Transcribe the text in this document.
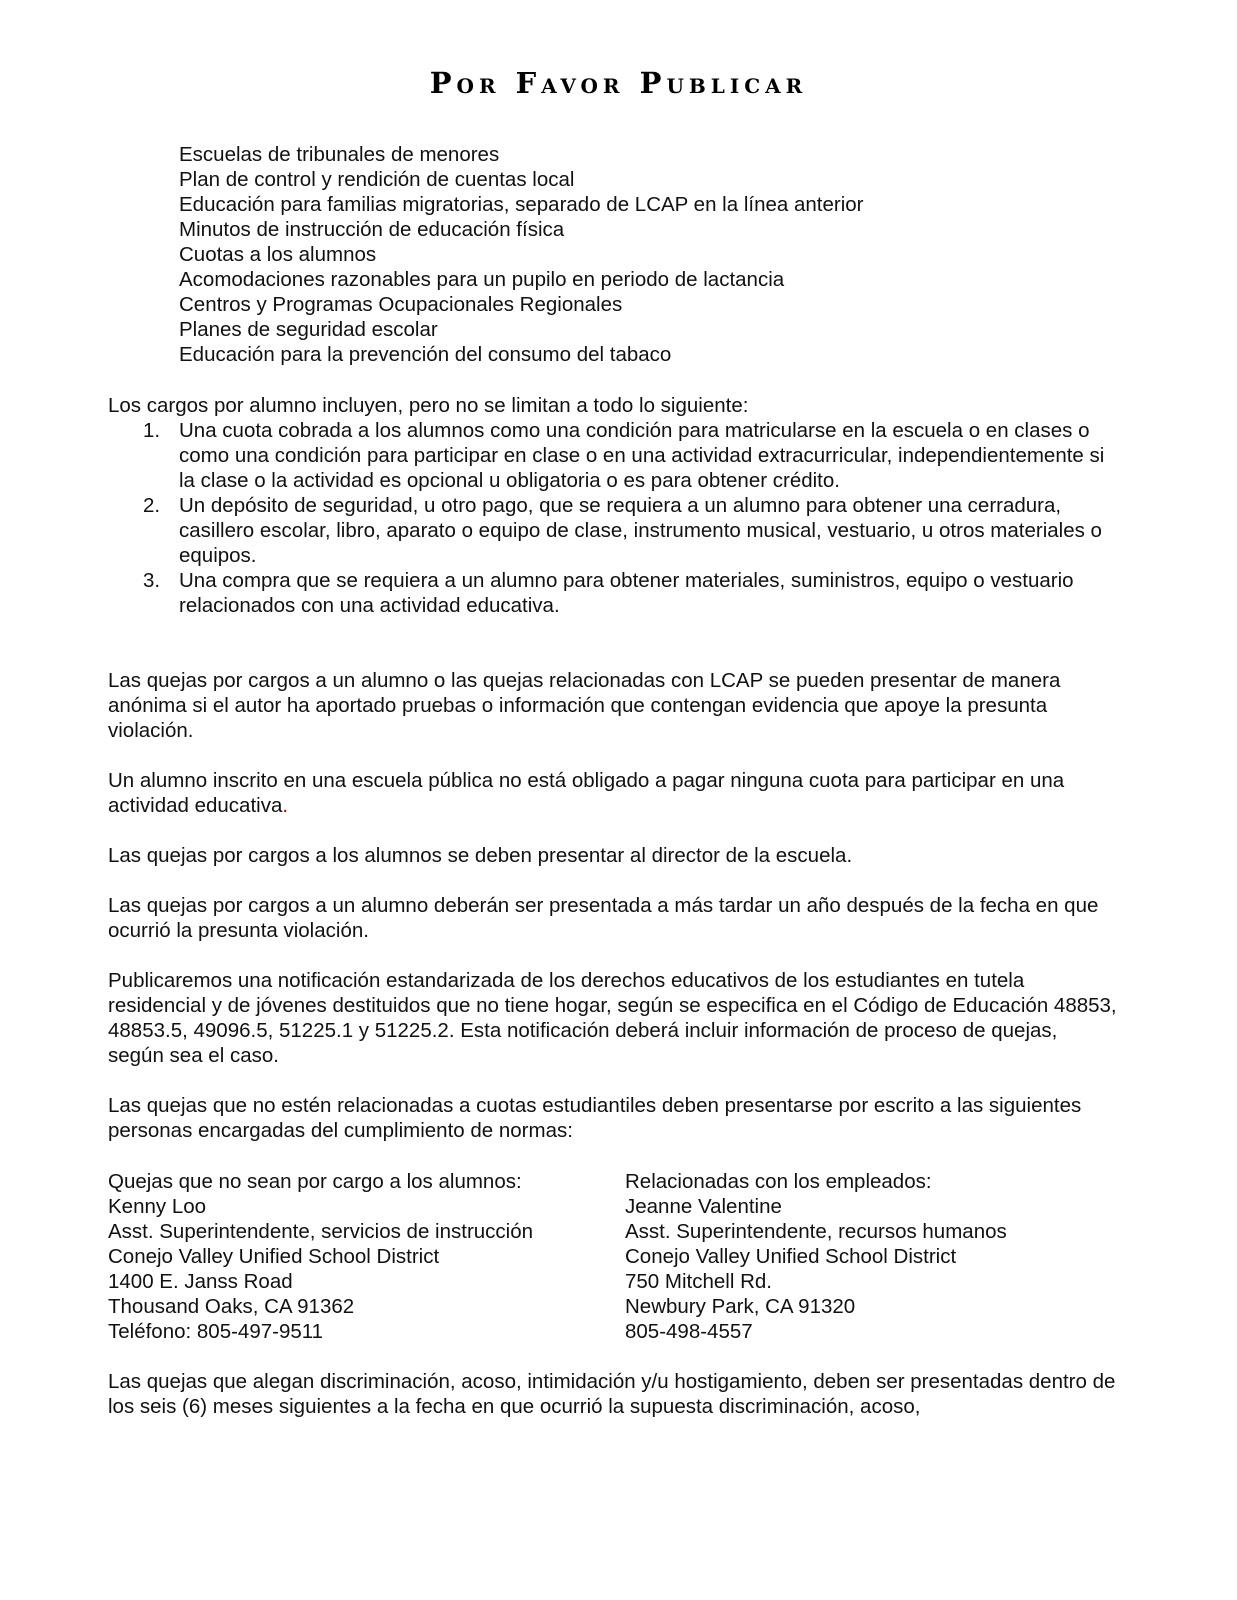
Por Favor Publicar
Escuelas de tribunales de menores
Plan de control y rendición de cuentas local
Educación para familias migratorias, separado de LCAP en la línea anterior
Minutos de instrucción de educación física
Cuotas a los alumnos
Acomodaciones razonables para un pupilo en periodo de lactancia
Centros y Programas Ocupacionales Regionales
Planes de seguridad escolar
Educación para la prevención del consumo del tabaco

Los cargos por alumno incluyen, pero no se limitan a todo lo siguiente:

1. Una cuota cobrada a los alumnos como una condición para matricularse en la escuela o en clases o como una condición para participar en clase o en una actividad extracurricular, independientemente si la clase o la actividad es opcional u obligatoria o es para obtener crédito.
2. Un depósito de seguridad, u otro pago, que se requiera a un alumno para obtener una cerradura, casillero escolar, libro, aparato o equipo de clase, instrumento musical, vestuario, u otros materiales o equipos.
3. Una compra que se requiera a un alumno para obtener materiales, suministros, equipo o vestuario relacionados con una actividad educativa.

Las quejas por cargos a un alumno o las quejas relacionadas con LCAP se pueden presentar de manera anónima si el autor ha aportado pruebas o información que contengan evidencia que apoye la presunta violación.

Un alumno inscrito en una escuela pública no está obligado a pagar ninguna cuota para participar en una actividad educativa.

Las quejas por cargos a los alumnos se deben presentar al director de la escuela.

Las quejas por cargos a un alumno deberán ser presentada a más tardar un año después de la fecha en que ocurrió la presunta violación.

Publicaremos una notificación estandarizada de los derechos educativos de los estudiantes en tutela residencial y de jóvenes destituidos que no tiene hogar, según se especifica en el Código de Educación 48853, 48853.5, 49096.5, 51225.1 y 51225.2. Esta notificación deberá incluir información de proceso de quejas, según sea el caso.

Las quejas que no estén relacionadas a cuotas estudiantiles deben presentarse por escrito a las siguientes personas encargadas del cumplimiento de normas:

Quejas que no sean por cargo a los alumnos:
Kenny Loo
Asst. Superintendente, servicios de instrucción
Conejo Valley Unified School District
1400 E. Janss Road
Thousand Oaks, CA 91362
Teléfono: 805-497-9511
Relacionadas con los empleados:
Jeanne Valentine
Asst. Superintendente, recursos humanos
Conejo Valley Unified School District
750 Mitchell Rd.
Newbury Park, CA 91320
805-498-4557

Las quejas que alegan discriminación, acoso, intimidación y/u hostigamiento, deben ser presentadas dentro de los seis (6) meses siguientes a la fecha en que ocurrió la supuesta discriminación, acoso,
